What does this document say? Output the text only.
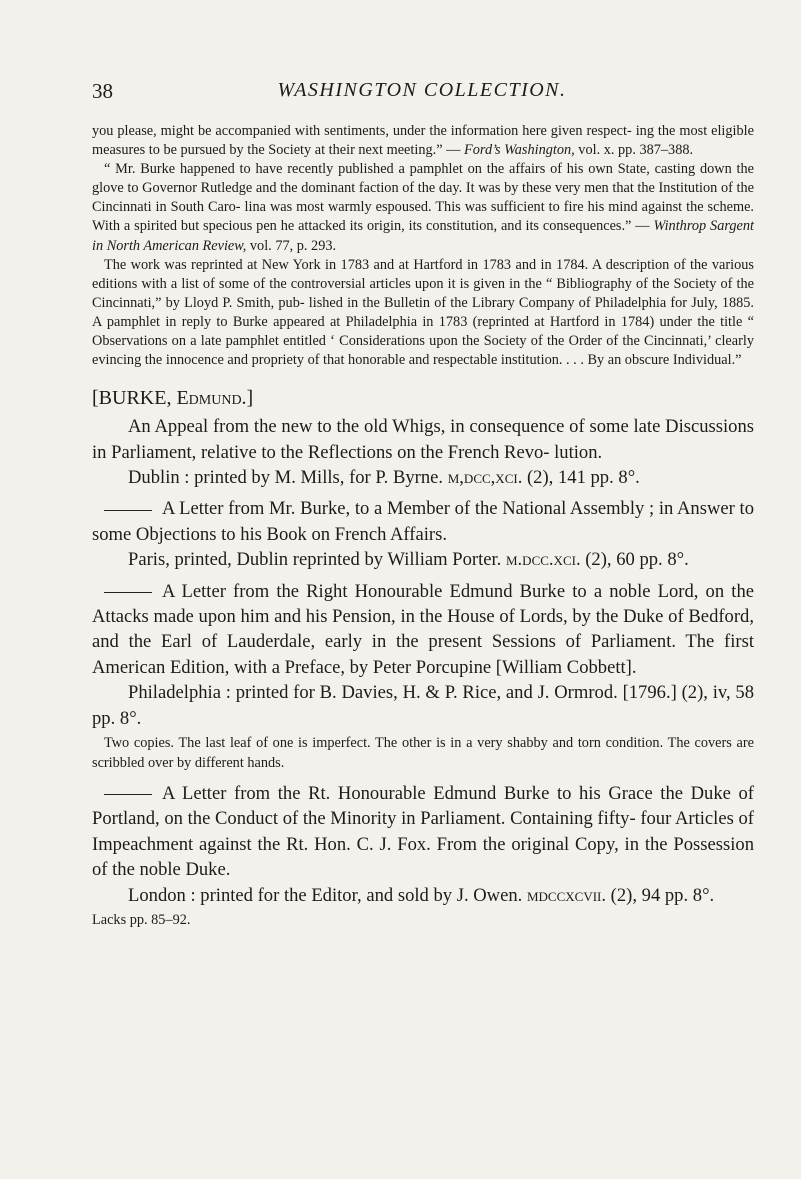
38	WASHINGTON COLLECTION.

you please, might be accompanied with sentiments, under the information here given respect- ing the most eligible measures to be pursued by the Society at their next meeting.” — Ford’s Washington, vol. x. pp. 387–388.

“ Mr. Burke happened to have recently published a pamphlet on the affairs of his own State, casting down the glove to Governor Rutledge and the dominant faction of the day. It was by these very men that the Institution of the Cincinnati in South Caro- lina was most warmly espoused. This was sufficient to fire his mind against the scheme. With a spirited but specious pen he attacked its origin, its constitution, and its consequences.” — Winthrop Sargent in North American Review, vol. 77, p. 293.

The work was reprinted at New York in 1783 and at Hartford in 1783 and in 1784. A description of the various editions with a list of some of the controversial articles upon it is given in the “ Bibliography of the Society of the Cincinnati,” by Lloyd P. Smith, pub- lished in the Bulletin of the Library Company of Philadelphia for July, 1885. A pamphlet in reply to Burke appeared at Philadelphia in 1783 (reprinted at Hartford in 1784) under the title “ Observations on a late pamphlet entitled ‘ Considerations upon the Society of the Order of the Cincinnati,’ clearly evincing the innocence and propriety of that honorable and respectable institution. . . . By an obscure Individual.”

[BURKE, Edmund.]

An Appeal from the new to the old Whigs, in consequence of some late Discussions in Parliament, relative to the Reflections on the French Revo- lution.

Dublin : printed by M. Mills, for P. Byrne. m,dcc,xci. (2), 141 pp. 8°.

A Letter from Mr. Burke, to a Member of the National Assembly ; in Answer to some Objections to his Book on French Affairs.

Paris, printed, Dublin reprinted by William Porter. m.dcc.xci. (2), 60 pp. 8°.

A Letter from the Right Honourable Edmund Burke to a noble Lord, on the Attacks made upon him and his Pension, in the House of Lords, by the Duke of Bedford, and the Earl of Lauderdale, early in the present Sessions of Parliament. The first American Edition, with a Preface, by Peter Porcupine [William Cobbett].

Philadelphia : printed for B. Davies, H. & P. Rice, and J. Ormrod. [1796.] (2), iv, 58 pp. 8°.

Two copies. The last leaf of one is imperfect. The other is in a very shabby and torn condition. The covers are scribbled over by different hands.

A Letter from the Rt. Honourable Edmund Burke to his Grace the Duke of Portland, on the Conduct of the Minority in Parliament. Containing fifty- four Articles of Impeachment against the Rt. Hon. C. J. Fox. From the original Copy, in the Possession of the noble Duke.

London : printed for the Editor, and sold by J. Owen. mdccxcvii. (2), 94 pp. 8°.

Lacks pp. 85–92.
